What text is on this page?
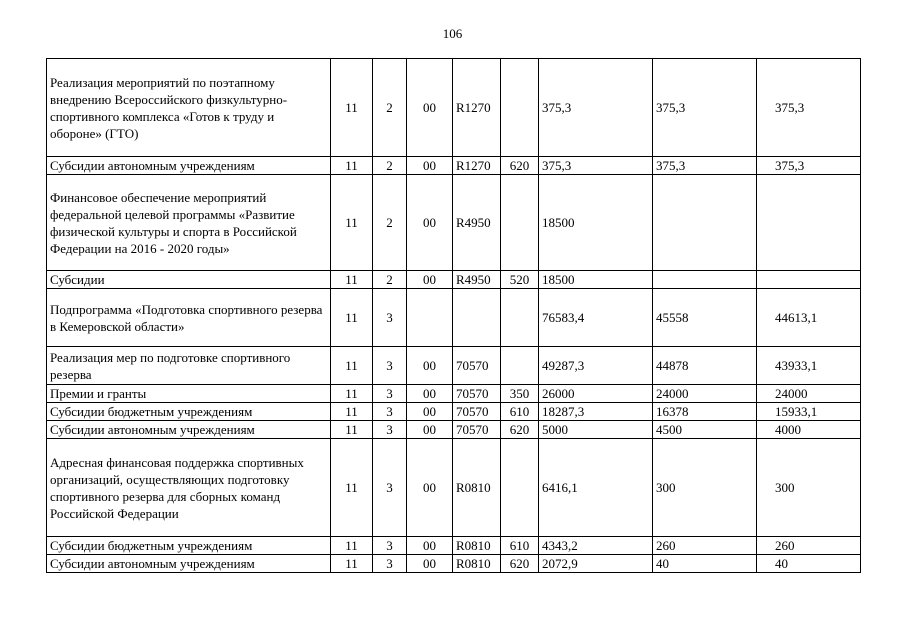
106
Реализация мероприятий по поэтапному внедрению Всероссийского физкультурно-спортивного комплекса «Готов к труду и обороне» (ГТО)	11	2	00	R1270		375,3	375,3	375,3
Субсидии автономным учреждениям	11	2	00	R1270	620	375,3	375,3	375,3
Финансовое обеспечение мероприятий федеральной целевой программы «Развитие физической культуры и спорта в Российской Федерации на 2016 - 2020 годы»	11	2	00	R4950		18500		
Субсидии	11	2	00	R4950	520	18500		
Подпрограмма «Подготовка спортивного резерва в Кемеровской области»	11	3				76583,4	45558	44613,1
Реализация мер по подготовке спортивного резерва	11	3	00	70570		49287,3	44878	43933,1
Премии и гранты	11	3	00	70570	350	26000	24000	24000
Субсидии бюджетным учреждениям	11	3	00	70570	610	18287,3	16378	15933,1
Субсидии автономным учреждениям	11	3	00	70570	620	5000	4500	4000
Адресная финансовая поддержка спортивных организаций, осуществляющих подготовку спортивного резерва для сборных команд Российской Федерации	11	3	00	R0810		6416,1	300	300
Субсидии бюджетным учреждениям	11	3	00	R0810	610	4343,2	260	260
Субсидии автономным учреждениям	11	3	00	R0810	620	2072,9	40	40
